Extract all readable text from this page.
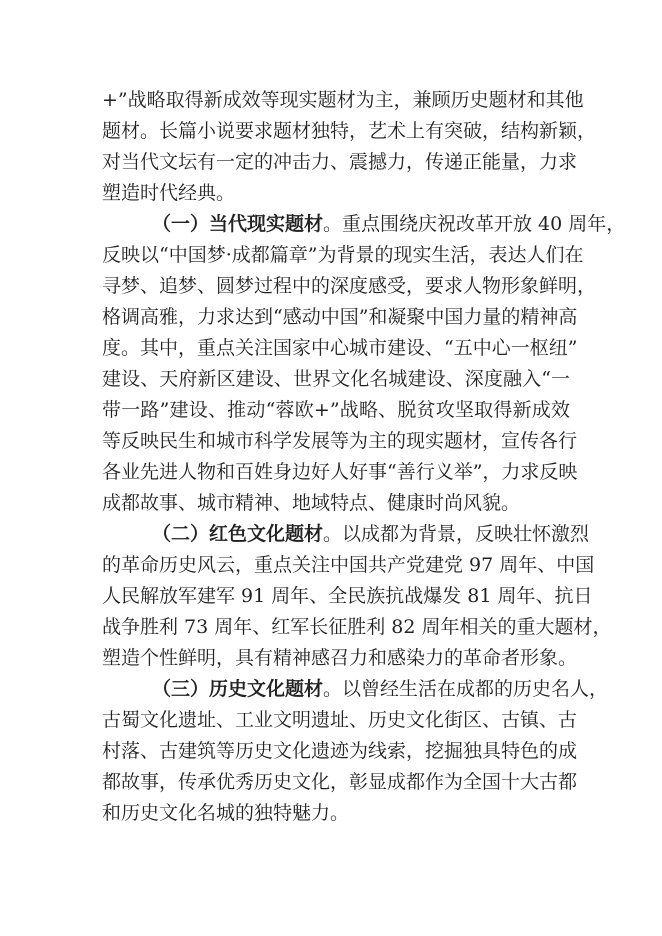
+”战略取得新成效等现实题材为主，兼顾历史题材和其他
题材。长篇小说要求题材独特，艺术上有突破，结构新颖，
对当代文坛有一定的冲击力、震撼力，传递正能量，力求
塑造时代经典。
（一）当代现实题材。重点围绕庆祝改革开放 40 周年，
反映以“中国梦·成都篇章”为背景的现实生活，表达人们在
寻梦、追梦、圆梦过程中的深度感受，要求人物形象鲜明，
格调高雅，力求达到“感动中国”和凝聚中国力量的精神高
度。其中，重点关注国家中心城市建设、“五中心一枢纽”
建设、天府新区建设、世界文化名城建设、深度融入“一
带一路”建设、推动“蓉欧+”战略、脱贫攻坚取得新成效
等反映民生和城市科学发展等为主的现实题材，宣传各行
各业先进人物和百姓身边好人好事“善行义举”，力求反映
成都故事、城市精神、地域特点、健康时尚风貌。
（二）红色文化题材。以成都为背景，反映壮怀激烈
的革命历史风云，重点关注中国共产党建党 97 周年、中国
人民解放军建军 91 周年、全民族抗战爆发 81 周年、抗日
战争胜利 73 周年、红军长征胜利 82 周年相关的重大题材，
塑造个性鲜明，具有精神感召力和感染力的革命者形象。
（三）历史文化题材。以曾经生活在成都的历史名人，
古蜀文化遗址、工业文明遗址、历史文化街区、古镇、古
村落、古建筑等历史文化遗迹为线索，挖掘独具特色的成
都故事，传承优秀历史文化，彰显成都作为全国十大古都
和历史文化名城的独特魅力。
